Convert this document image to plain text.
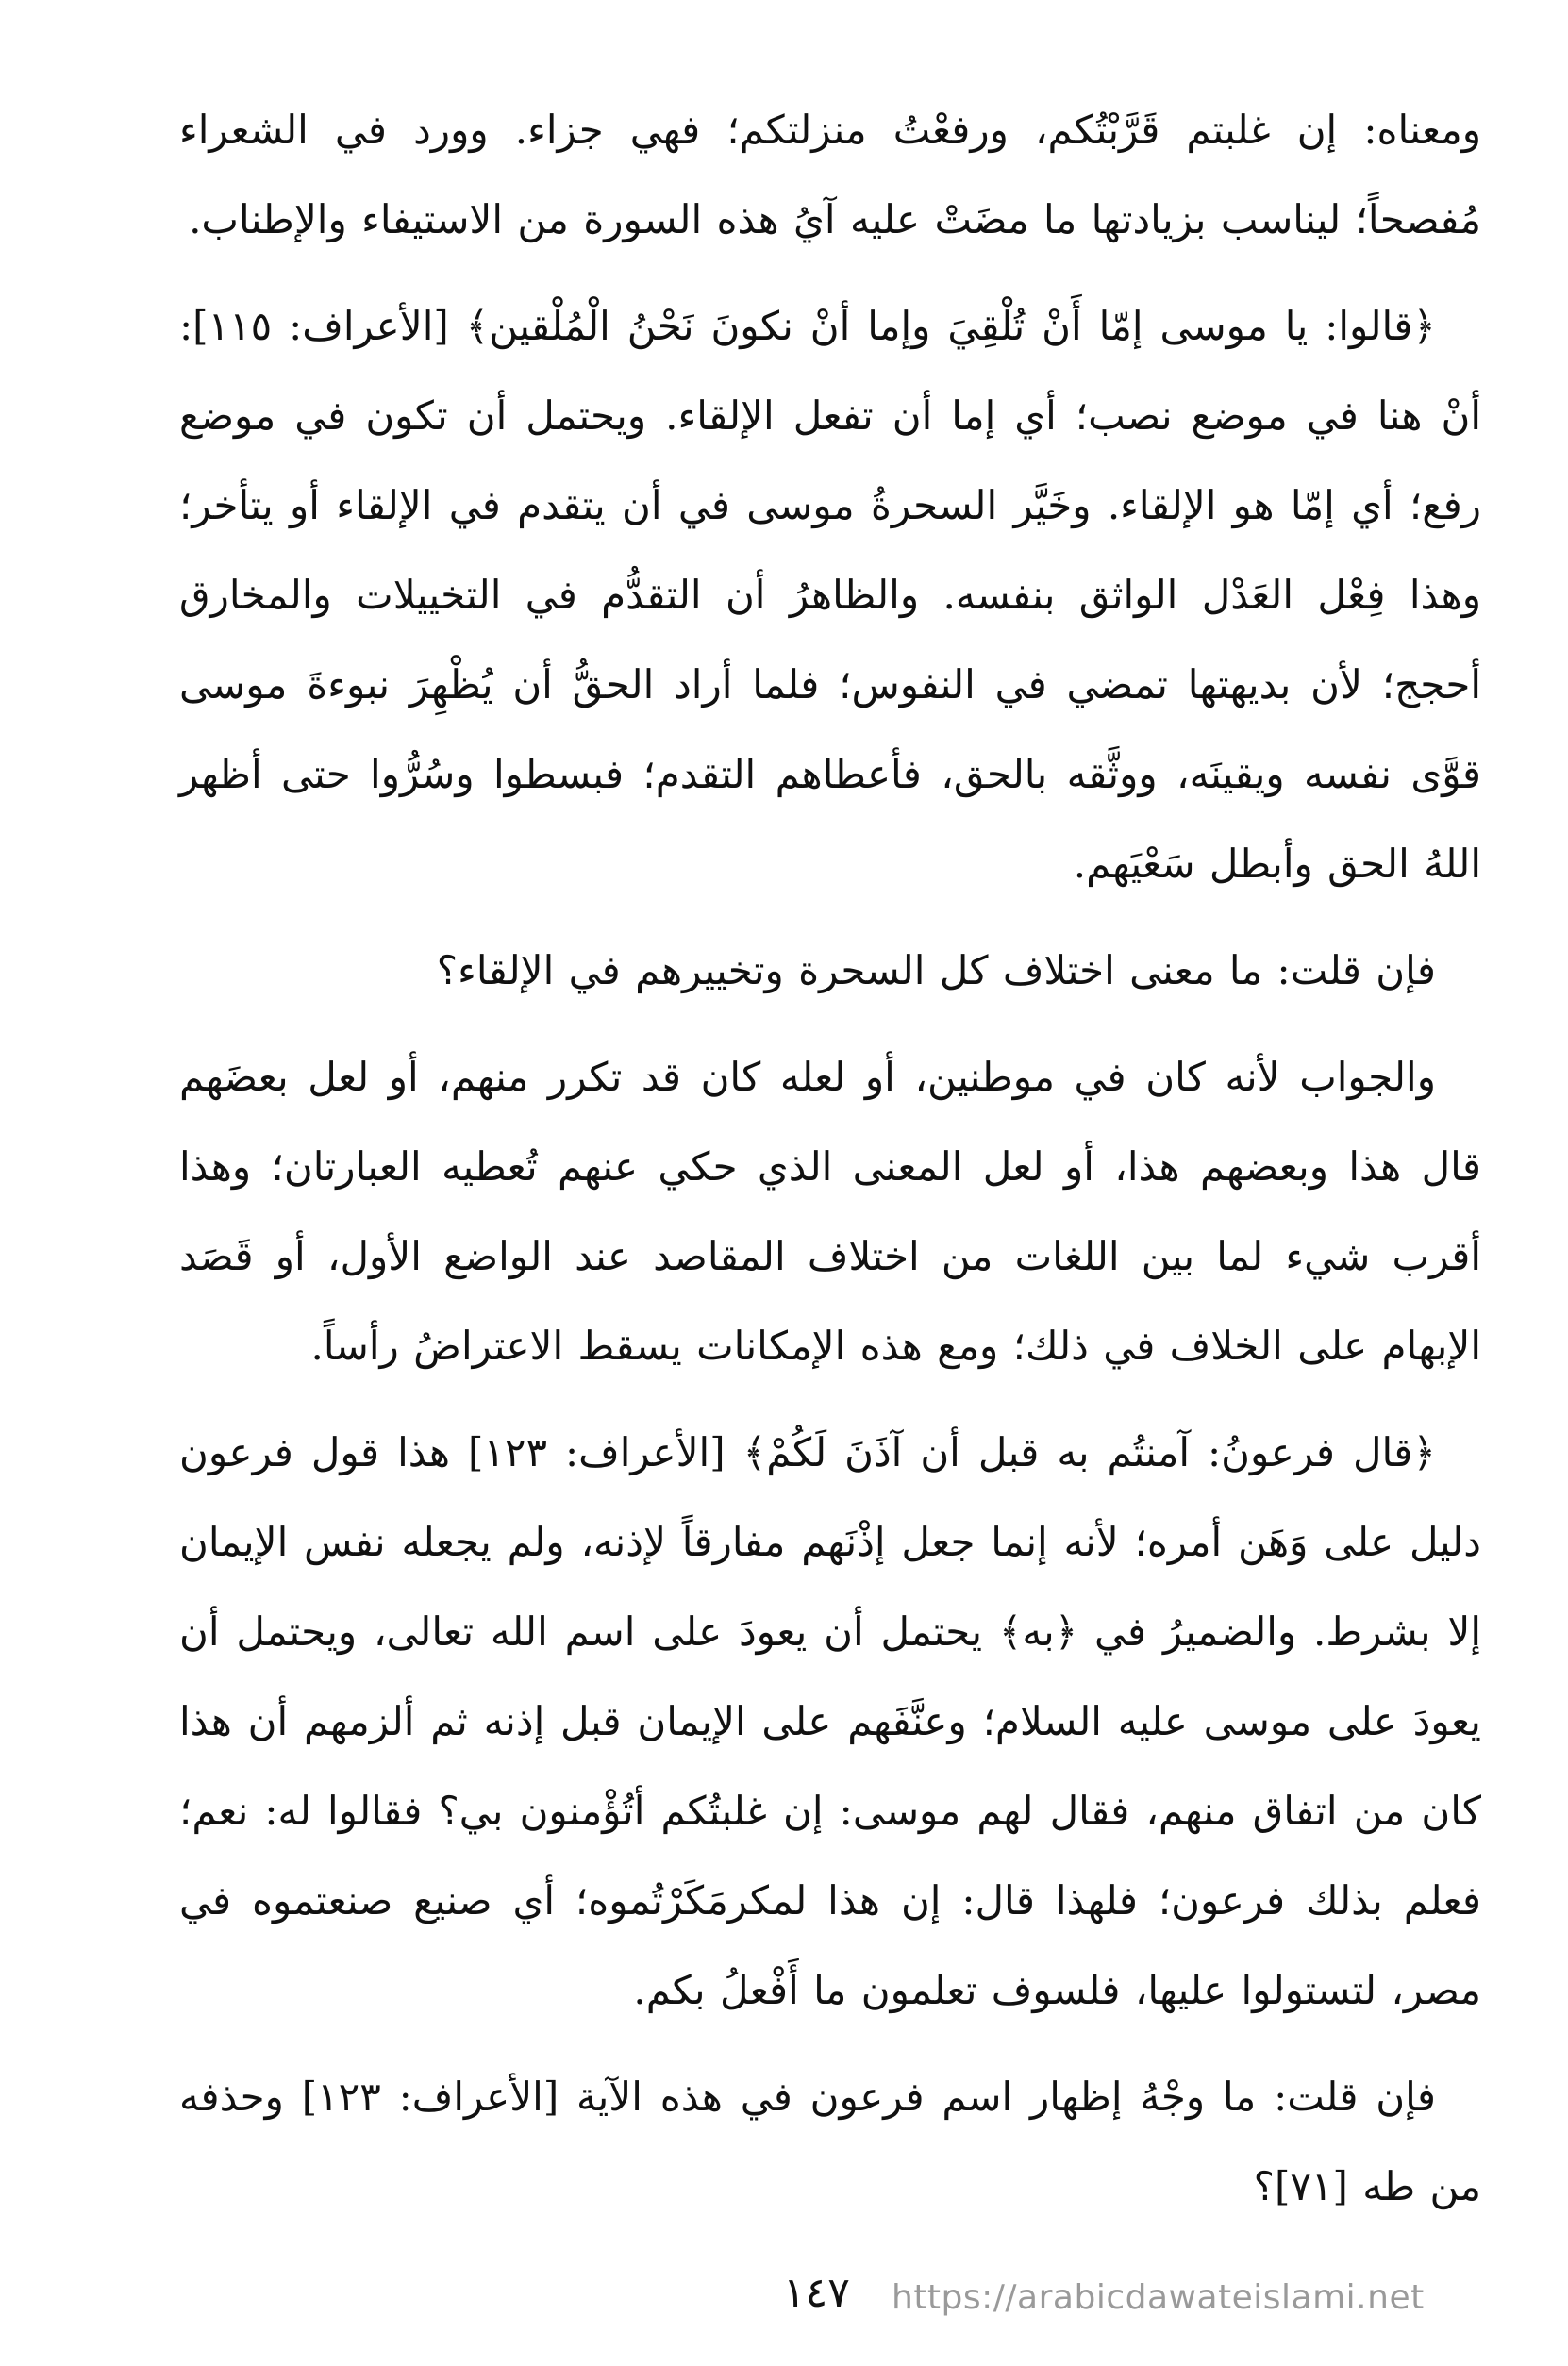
ومعناه: إن غلبتم قَرَّبْتُكم، ورفعْتُ منزلتكم؛ فهي جزاء. وورد في الشعراء مُفصحاً؛ ليناسب بزيادتها ما مضَتْ عليه آيُ هذه السورة من الاستيفاء والإطناب.

﴿قالوا: يا موسى إمّا أَنْ تُلْقِيَ وإما أنْ نكونَ نَحْنُ الْمُلْقين﴾ [الأعراف: ١١٥]: أنْ هنا في موضع نصب؛ أي إما أن تفعل الإلقاء. ويحتمل أن تكون في موضع رفع؛ أي إمّا هو الإلقاء. وخَيَّر السحرةُ موسى في أن يتقدم في الإلقاء أو يتأخر؛ وهذا فِعْل العَدْل الواثق بنفسه. والظاهرُ أن التقدُّم في التخييلات والمخارق أحجج؛ لأن بديهتها تمضي في النفوس؛ فلما أراد الحقُّ أن يُظْهِرَ نبوءةَ موسى قوَّى نفسه ويقينَه، ووثَّقه بالحق، فأعطاهم التقدم؛ فبسطوا وسُرُّوا حتى أظهر اللهُ الحق وأبطل سَعْيَهم.

فإن قلت: ما معنى اختلاف كل السحرة وتخييرهم في الإلقاء؟

والجواب لأنه كان في موطنين، أو لعله كان قد تكرر منهم، أو لعل بعضَهم قال هذا وبعضهم هذا، أو لعل المعنى الذي حكي عنهم تُعطيه العبارتان؛ وهذا أقرب شيء لما بين اللغات من اختلاف المقاصد عند الواضع الأول، أو قَصَد الإبهام على الخلاف في ذلك؛ ومع هذه الإمكانات يسقط الاعتراضُ رأساً.

﴿قال فرعونُ: آمنتُم به قبل أن آذَنَ لَكُمْ﴾ [الأعراف: ١٢٣] هذا قول فرعون دليل على وَهَن أمره؛ لأنه إنما جعل إذْنَهم مفارقاً لإذنه، ولم يجعله نفس الإيمان إلا بشرط. والضميرُ في ﴿به﴾ يحتمل أن يعودَ على اسم الله تعالى، ويحتمل أن يعودَ على موسى عليه السلام؛ وعنَّفَهم على الإيمان قبل إذنه ثم ألزمهم أن هذا كان من اتفاق منهم، فقال لهم موسى: إن غلبتُكم أتُؤْمنون بي؟ فقالوا له: نعم؛ فعلم بذلك فرعون؛ فلهذا قال: إن هذا لمكرمَكَرْتُموه؛ أي صنيع صنعتموه في مصر، لتستولوا عليها، فلسوف تعلمون ما أَفْعلُ بكم.

فإن قلت: ما وجْهُ إظهار اسم فرعون في هذه الآية [الأعراف: ١٢٣] وحذفه من طه [٧١]؟

١٤٧ https://arabicdawateislami.net
